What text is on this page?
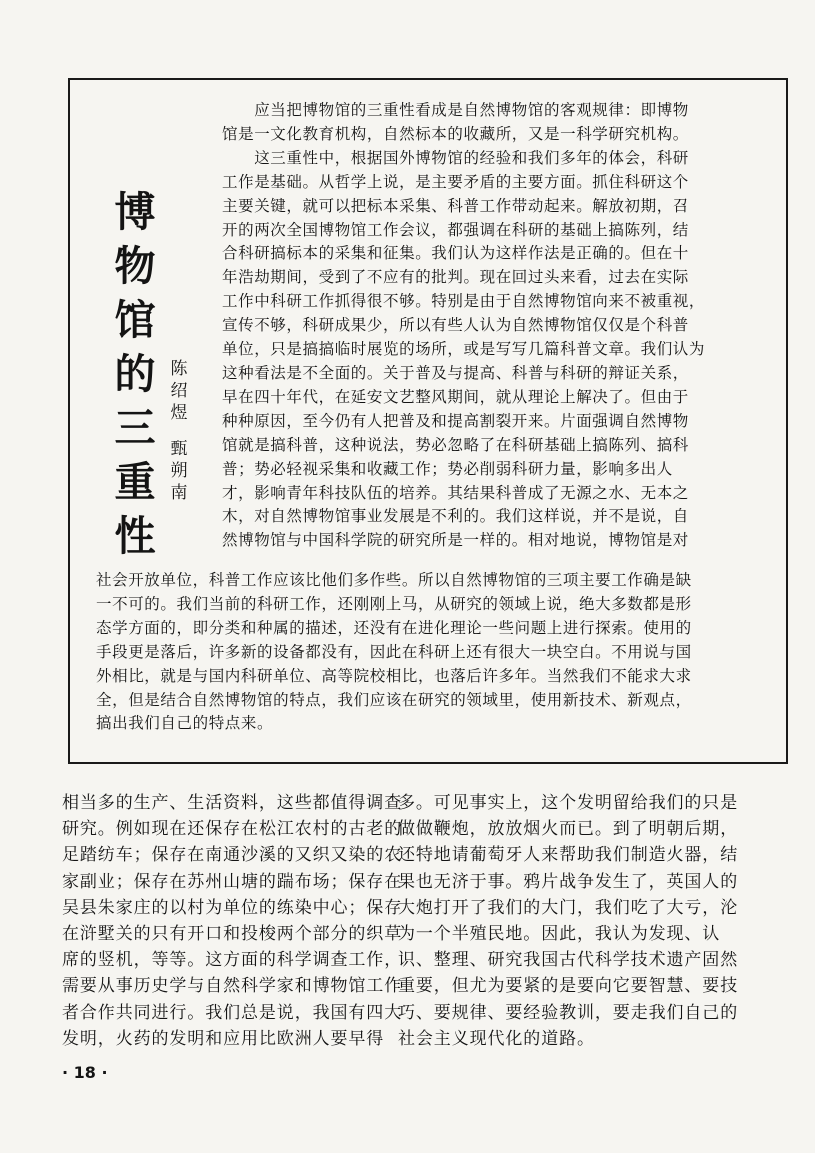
博
物
馆
的
三
重
性
陈
绍
煜
甄
朔
南
　　应当把博物馆的三重性看成是自然博物馆的客观规律：即博物
馆是一文化教育机构，自然标本的收藏所，又是一科学研究机构。
　　这三重性中，根据国外博物馆的经验和我们多年的体会，科研
工作是基础。从哲学上说，是主要矛盾的主要方面。抓住科研这个
主要关键，就可以把标本采集、科普工作带动起来。解放初期，召
开的两次全国博物馆工作会议，都强调在科研的基础上搞陈列，结
合科研搞标本的采集和征集。我们认为这样作法是正确的。但在十
年浩劫期间，受到了不应有的批判。现在回过头来看，过去在实际
工作中科研工作抓得很不够。特别是由于自然博物馆向来不被重视，
宣传不够，科研成果少，所以有些人认为自然博物馆仅仅是个科普
单位，只是搞搞临时展览的场所，或是写写几篇科普文章。我们认为
这种看法是不全面的。关于普及与提高、科普与科研的辩证关系，
早在四十年代，在延安文艺整风期间，就从理论上解决了。但由于
种种原因，至今仍有人把普及和提高割裂开来。片面强调自然博物
馆就是搞科普，这种说法，势必忽略了在科研基础上搞陈列、搞科
普；势必轻视采集和收藏工作；势必削弱科研力量，影响多出人
才，影响青年科技队伍的培养。其结果科普成了无源之水、无本之
木，对自然博物馆事业发展是不利的。我们这样说，并不是说，自
然博物馆与中国科学院的研究所是一样的。相对地说，博物馆是对
社会开放单位，科普工作应该比他们多作些。所以自然博物馆的三项主要工作确是缺
一不可的。我们当前的科研工作，还刚刚上马，从研究的领域上说，绝大多数都是形
态学方面的，即分类和种属的描述，还没有在进化理论一些问题上进行探索。使用的
手段更是落后，许多新的设备都没有，因此在科研上还有很大一块空白。不用说与国
外相比，就是与国内科研单位、高等院校相比，也落后许多年。当然我们不能求大求
全，但是结合自然博物馆的特点，我们应该在研究的领域里，使用新技术、新观点，
搞出我们自己的特点来。
相当多的生产、生活资料，这些都值得调查
研究。例如现在还保存在松江农村的古老的
足踏纺车；保存在南通沙溪的又织又染的农
家副业；保存在苏州山塘的踹布场；保存在
吴县朱家庄的以村为单位的练染中心；保存
在浒墅关的只有开口和投梭两个部分的织草
席的竖机，等等。这方面的科学调查工作，
需要从事历史学与自然科学家和博物馆工作
者合作共同进行。我们总是说，我国有四大
发明，火药的发明和应用比欧洲人要早得
多。可见事实上，这个发明留给我们的只是
做做鞭炮，放放烟火而已。到了明朝后期，
还特地请葡萄牙人来帮助我们制造火器，结
果也无济于事。鸦片战争发生了，英国人的
大炮打开了我们的大门，我们吃了大亏，沦
为一个半殖民地。因此，我认为发现、认
识、整理、研究我国古代科学技术遗产固然
重要，但尤为要紧的是要向它要智慧、要技
巧、要规律、要经验教训，要走我们自己的
社会主义现代化的道路。
· 18 ·
